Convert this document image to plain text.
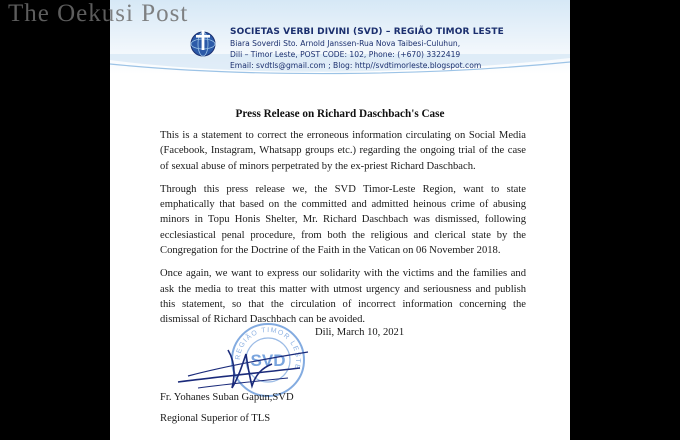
The Oekusi Post
SOCIETAS VERBI DIVINI (SVD) – REGIÃO TIMOR LESTE
Biara Soverdi Sto. Arnold Janssen-Rua Nova Taibesi-Culuhun,
Dili – Timor Leste, POST CODE: 102, Phone: (+670) 3322419
Email: svdtls@gmail.com ; Blog: http//svdtimorleste.blogspot.com
Press Release on Richard Daschbach's Case

This is a statement to correct the erroneous information circulating on Social Media (Facebook, Instagram, Whatsapp groups etc.) regarding the ongoing trial of the case of sexual abuse of minors perpetrated by the ex-priest Richard Daschbach.

Through this press release we, the SVD Timor-Leste Region, want to state emphatically that based on the committed and admitted heinous crime of abusing minors in Topu Honis Shelter, Mr. Richard Daschbach was dismissed, following ecclesiastical penal procedure, from both the religious and clerical state by the Congregation for the Doctrine of the Faith in the Vatican on 06 November 2018.

Once again, we want to express our solidarity with the victims and the families and ask the media to treat this matter with utmost urgency and seriousness and publish this statement, so that the circulation of incorrect information concerning the dismissal of Richard Daschbach can be avoided.

Dili, March 10, 2021
REGIÃO TIMOR LESTE
SVD
Fr. Yohanes Suban Gapun,SVD
Regional Superior of TLS
